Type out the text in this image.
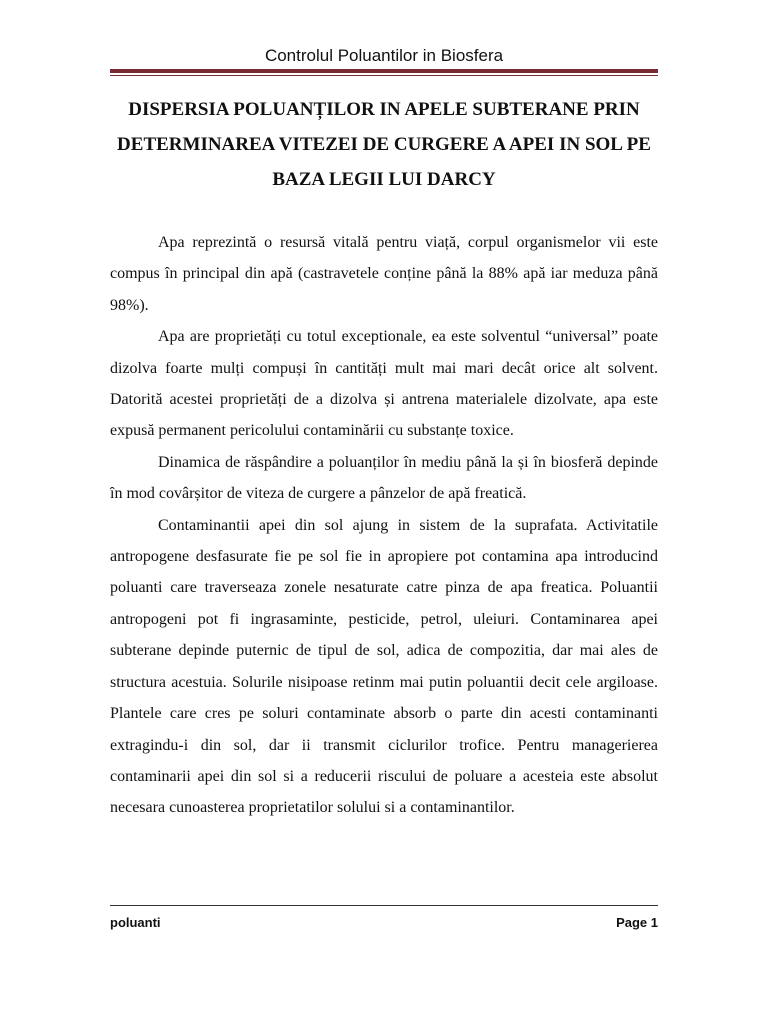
Controlul Poluantilor in Biosfera
DISPERSIA POLUANȚILOR IN APELE SUBTERANE PRIN DETERMINAREA VITEZEI DE CURGERE A APEI IN SOL PE BAZA LEGII LUI DARCY

Apa reprezintă o resursă vitală pentru viață, corpul organismelor vii este compus în principal din apă (castravetele conține până la 88% apă iar meduza până 98%).

Apa are proprietăți cu totul exceptionale, ea este solventul “universal” poate dizolva foarte mulți compuși în cantități mult mai mari decât orice alt solvent. Datorită acestei proprietăți de a dizolva și antrena materialele dizolvate, apa este expusă permanent pericolului contaminării cu substanțe toxice.

Dinamica de răspândire a poluanților în mediu până la și în biosferă depinde în mod covârșitor de viteza de curgere a pânzelor de apă freatică.

Contaminantii apei din sol ajung in sistem de la suprafata. Activitatile antropogene desfasurate fie pe sol fie in apropiere pot contamina apa introducind poluanti care traverseaza zonele nesaturate catre pinza de apa freatica. Poluantii antropogeni pot fi ingrasaminte, pesticide, petrol, uleiuri. Contaminarea apei subterane depinde puternic de tipul de sol, adica de compozitia, dar mai ales de structura acestuia. Solurile nisipoase retinm mai putin poluantii decit cele argiloase. Plantele care cres pe soluri contaminate absorb o parte din acesti contaminanti extragindu-i din sol, dar ii transmit ciclurilor trofice. Pentru managerierea contaminarii apei din sol si a reducerii riscului de poluare a acesteia este absolut necesara cunoasterea proprietatilor solului si a contaminantilor.

poluanti	Page 1
